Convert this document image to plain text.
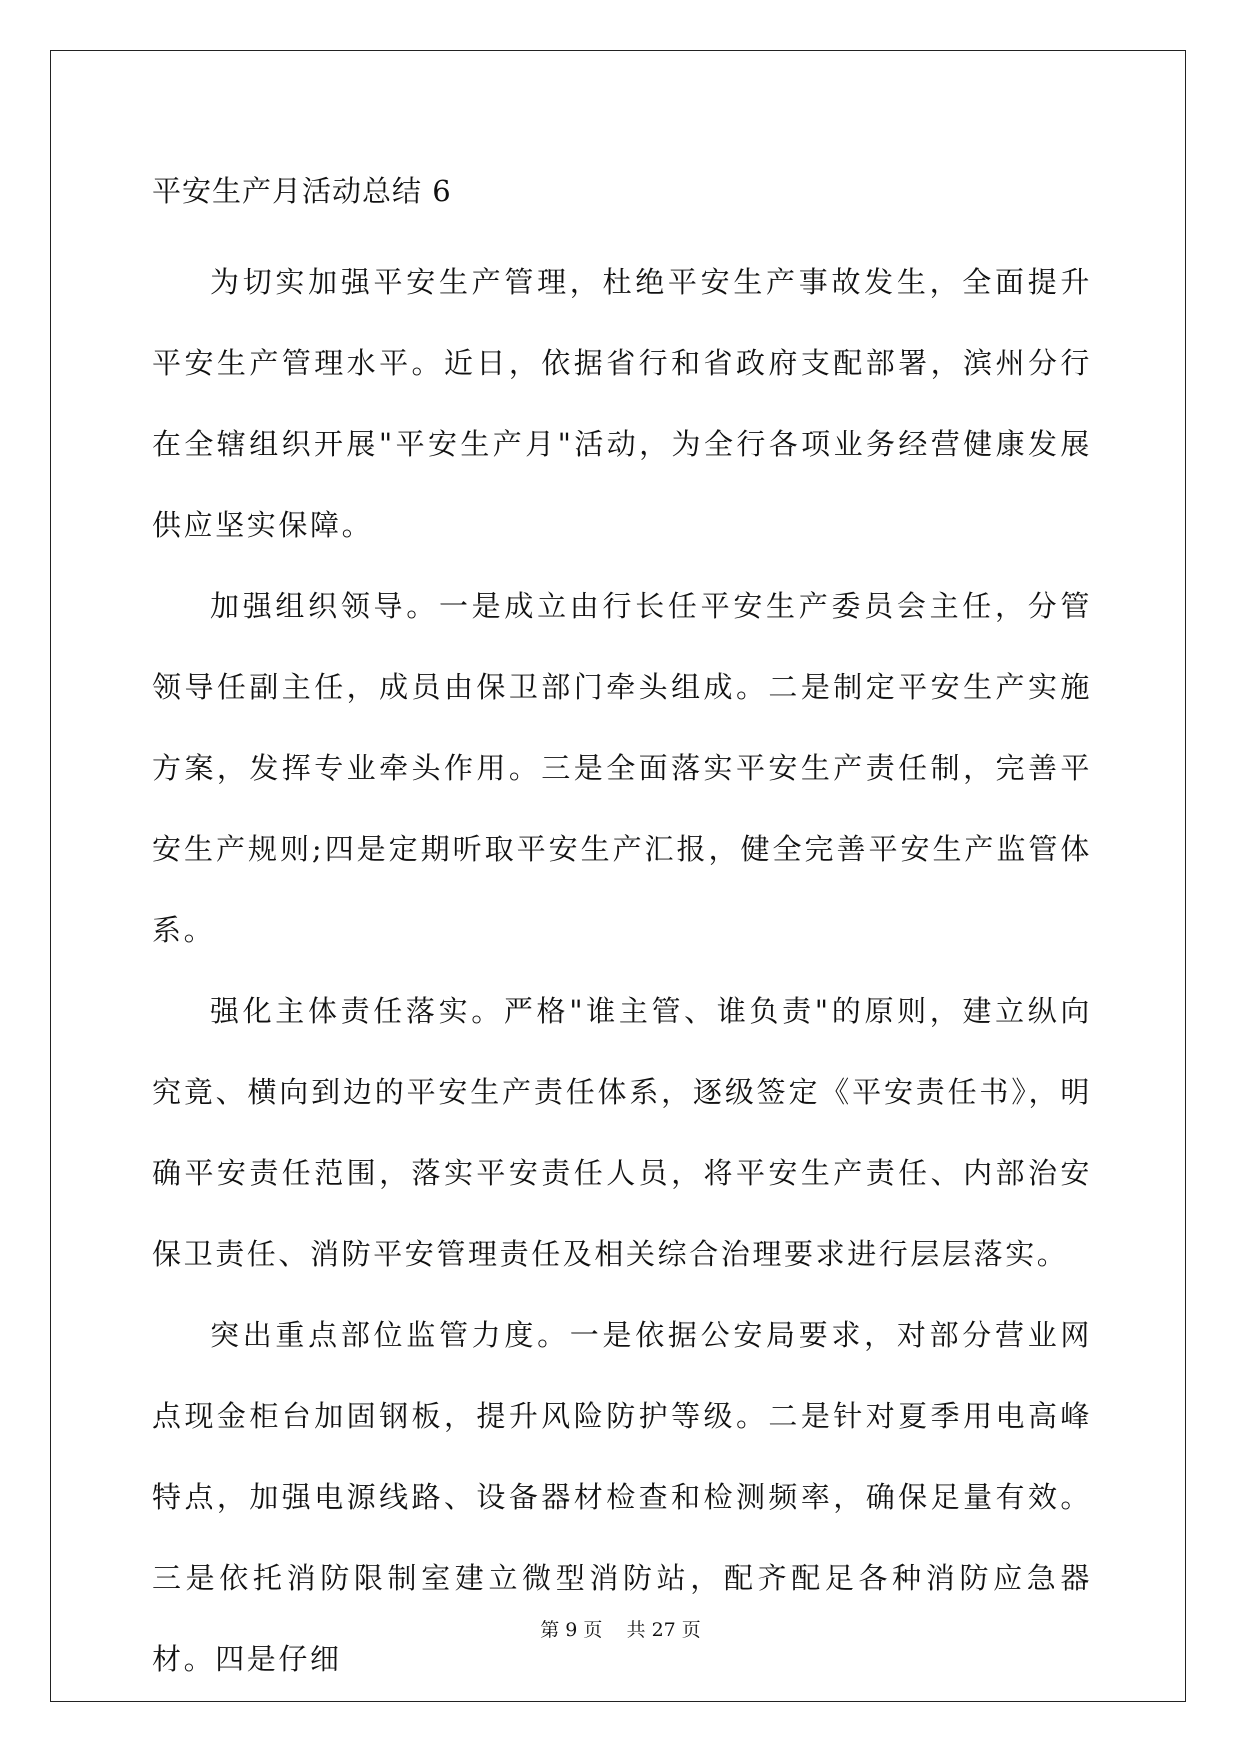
平安生产月活动总结 6

为切实加强平安生产管理，杜绝平安生产事故发生，全面提升平安生产管理水平。近日，依据省行和省政府支配部署，滨州分行在全辖组织开展"平安生产月"活动，为全行各项业务经营健康发展供应坚实保障。

加强组织领导。一是成立由行长任平安生产委员会主任，分管领导任副主任，成员由保卫部门牵头组成。二是制定平安生产实施方案，发挥专业牵头作用。三是全面落实平安生产责任制，完善平安生产规则;四是定期听取平安生产汇报，健全完善平安生产监管体系。

强化主体责任落实。严格"谁主管、谁负责"的原则，建立纵向究竟、横向到边的平安生产责任体系，逐级签定《平安责任书》，明确平安责任范围，落实平安责任人员，将平安生产责任、内部治安保卫责任、消防平安管理责任及相关综合治理要求进行层层落实。

突出重点部位监管力度。一是依据公安局要求，对部分营业网点现金柜台加固钢板，提升风险防护等级。二是针对夏季用电高峰特点，加强电源线路、设备器材检查和检测频率，确保足量有效。三是依托消防限制室建立微型消防站，配齐配足各种消防应急器材。四是仔细

第 9 页    共 27 页
